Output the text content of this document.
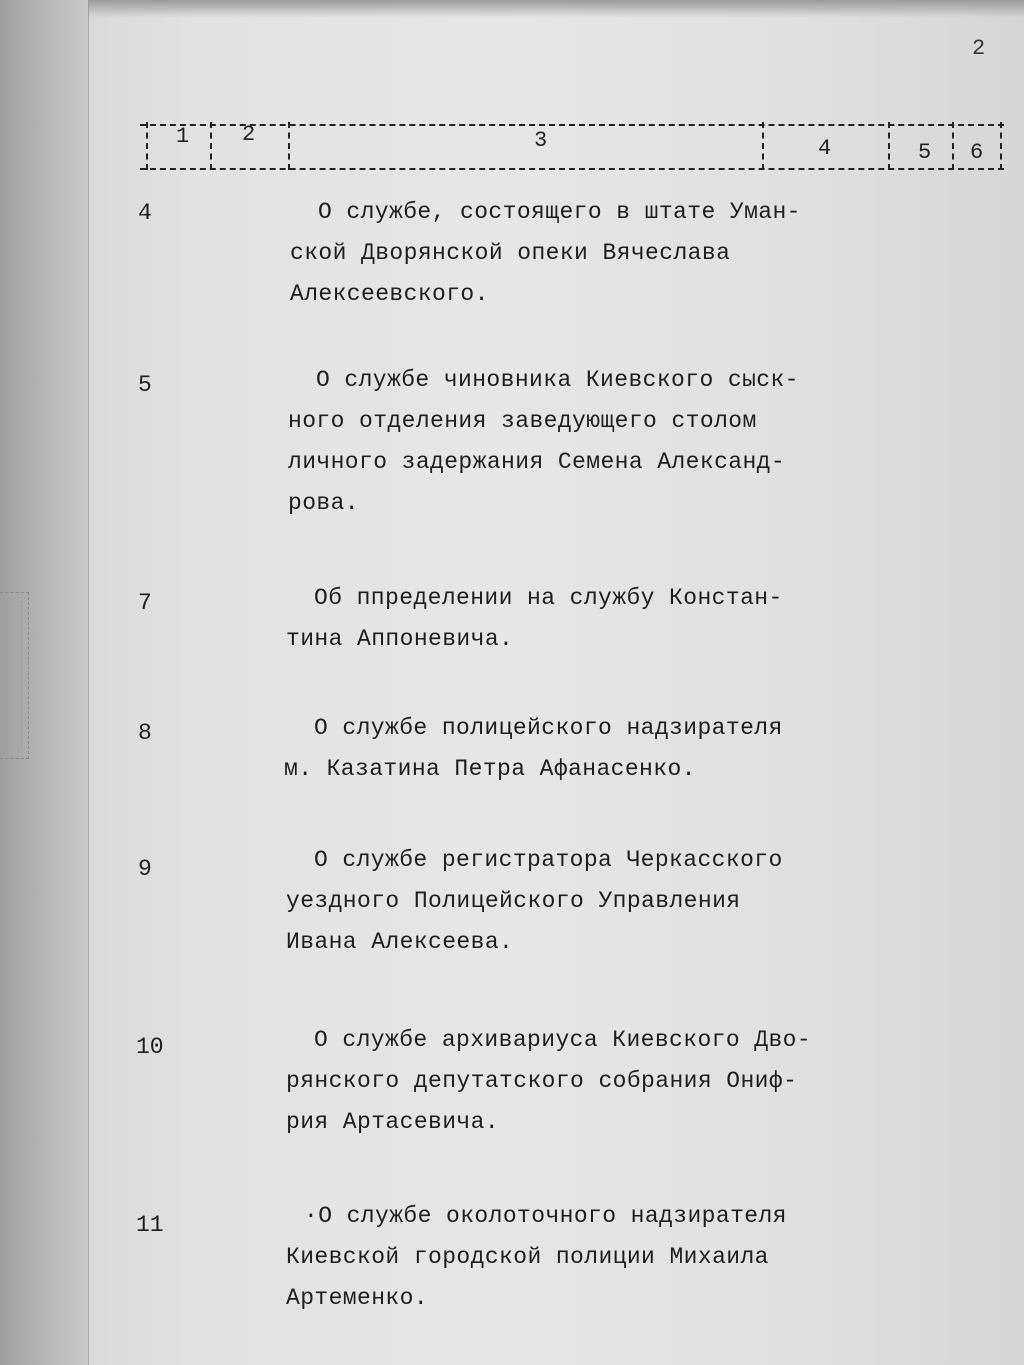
2
1 2	3	4	5 6
4	О службе, состоящего в штате Уман-
ской Дворянской опеки Вячеслава
Алексеевского.
5	О службе чиновника Киевского сыск-
ного отделения заведующего столом
личного задержания Семена Александ-
рова.
7	Об ппределении на службу Констан-
тина Аппоневича.
8	О службе полицейского надзирателя
м. Казатина Петра Афанасенко.
9	О службе регистратора Черкасского
уездного Полицейского Управления
Ивана Алексеева.
10	О службе архивариуса Киевского Дво-
рянского депутатского собрания Ониф-
рия Артасевича.
11	·О службе околоточного надзирателя
Киевской городской полиции Михаила
Артеменко.
